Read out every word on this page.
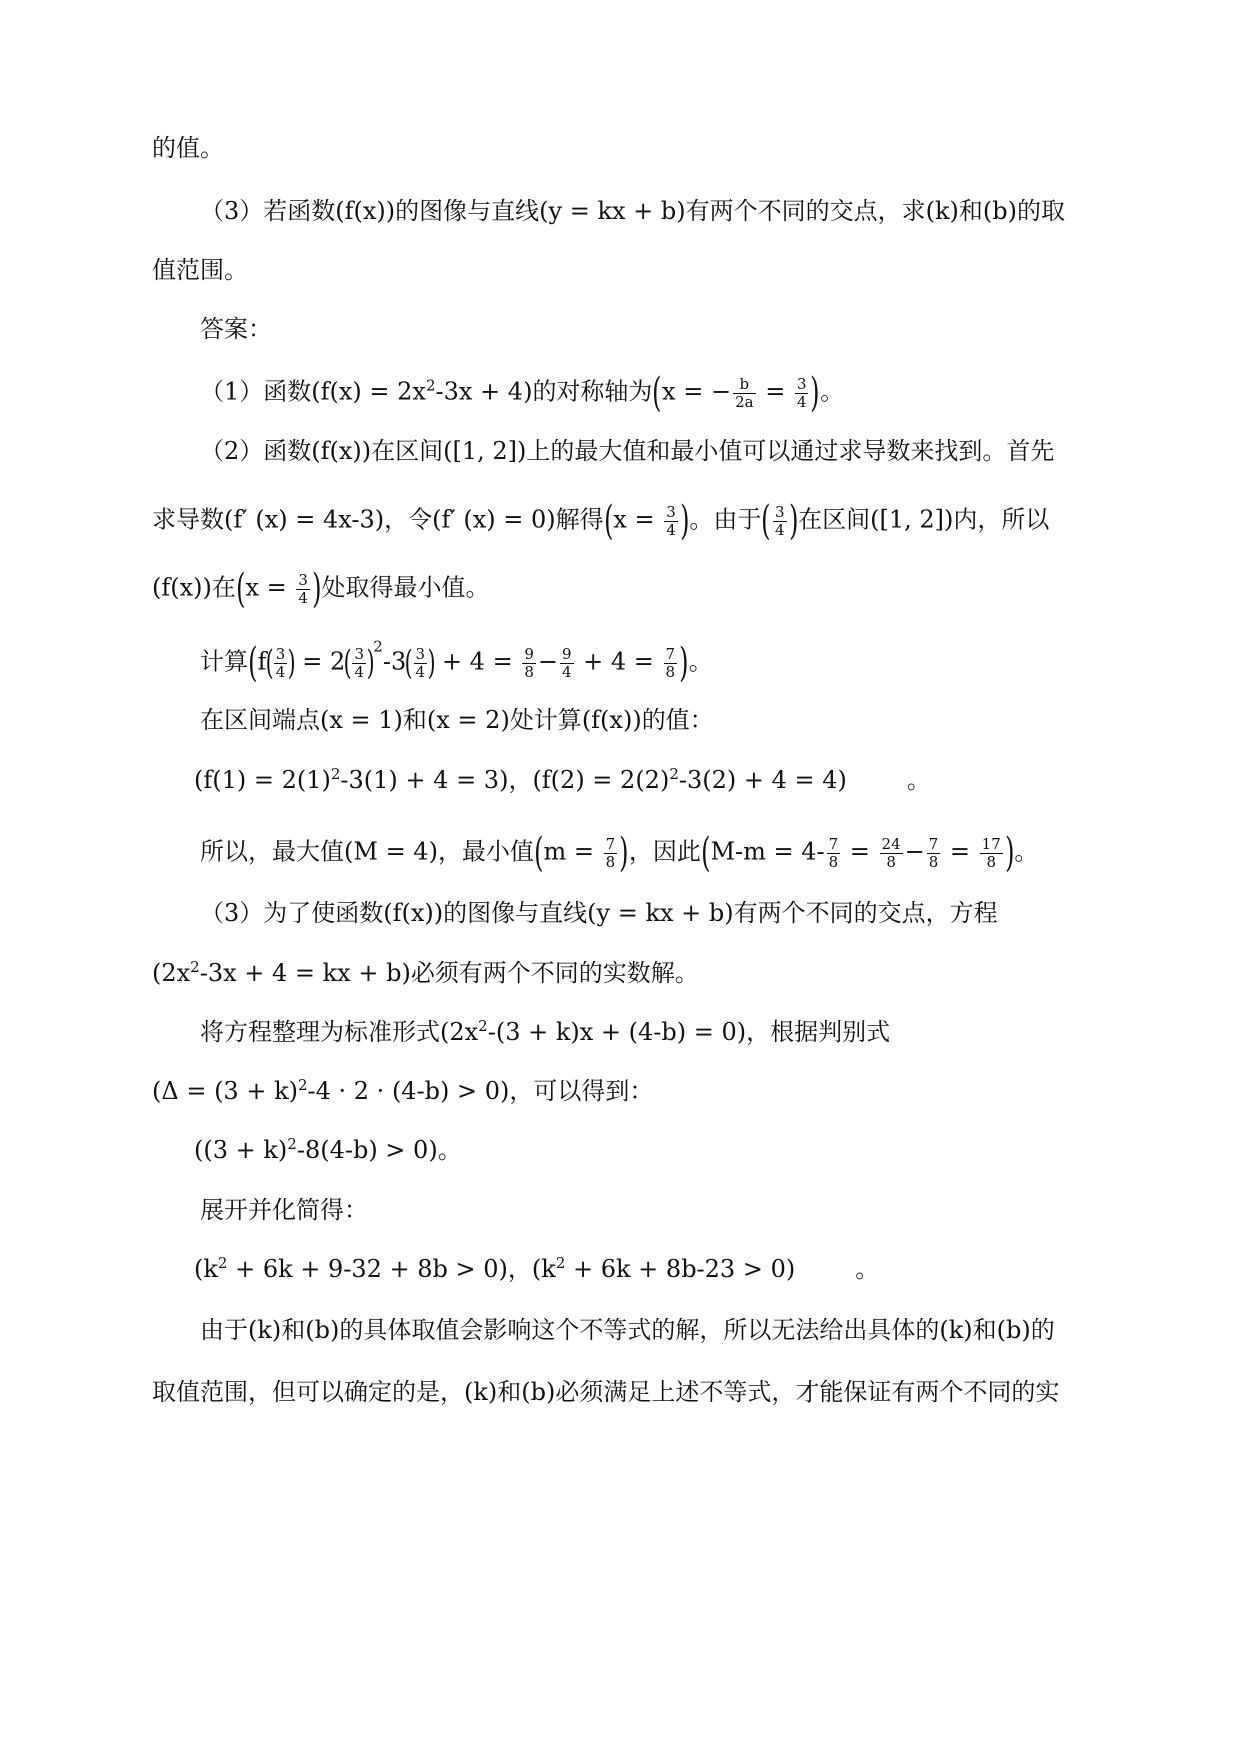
的值。
（3）若函数(f(x))的图像与直线(y = kx + b)有两个不同的交点，求(k)和(b)的取
值范围。
答案：
（1）函数$(f(x) = 2x^2-3x + 4)$的对称轴为(x = − $\frac{b}{2a} = \frac{3}{4}$ )。
（2）函数(f(x))在区间([1, 2])上的最大值和最小值可以通过求导数来找到。首先
求导数(f′ (x) = 4x-3)，令(f′ (x) = 0)解得($x = \frac{3}{4}$ )。由于( $\frac{3}{4}$ )在区间([1, 2])内，所以
(f(x))在($x = \frac{3}{4}$ )处取得最小值。
计算($f( \frac{3}{4}$ ) = $2( \frac{3}{4} )^2-3( \frac{3}{4}$ ) + $4 = \frac{9}{8} - \frac{9}{4} + 4 = \frac{7}{8}$ )。
在区间端点(x = 1)和(x = 2)处计算(f(x))的值：
$(f(1) = 2(1)^2-3(1) + 4 = 3)$，$(f(2) = 2(2)^2-3(2) + 4 = 4)$	。
所以，最大值(M = 4)，最小值($m = \frac{7}{8}$ )，因此($M-m = 4- \frac{7}{8} = \frac{24}{8} - \frac{7}{8} = \frac{17}{8}$ )。
（3）为了使函数(f(x))的图像与直线(y = kx + b)有两个不同的交点，方程
($2x^2-3x + 4$ = kx + b)必须有两个不同的实数解。
将方程整理为标准形式$(2x^2-(3 + k)x + (4-b) = 0)$，根据判别式
$(\Delta = (3 + k)^2-4 \cdot 2 \cdot (4-b) > 0)$，可以得到：
$((3 + k)^2-8(4-b) > 0)$。
展开并化简得：
$(k^2 + 6k + 9-32 + 8b > 0)$，$(k^2 + 6k + 8b-23 > 0)$	。
由于(k)和(b)的具体取值会影响这个不等式的解，所以无法给出具体的(k)和(b)的
取值范围，但可以确定的是，(k)和(b)必须满足上述不等式，才能保证有两个不同的实
